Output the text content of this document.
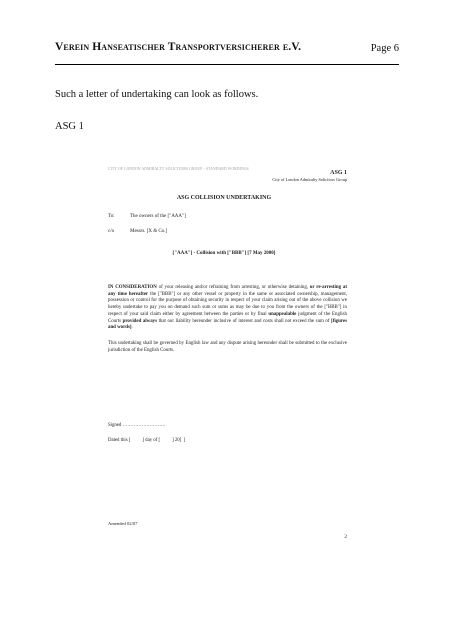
Verein Hanseatischer Transportversicherer e.V.	Page 6
Such a letter of undertaking can look as follows.
ASG 1
CITY OF LONDON ADMIRALTY SOLICITORS GROUP - STANDARD WORDINGS
ASG 1
City of London Admiralty Solicitors Group
ASG COLLISION UNDERTAKING
To:	The owners of the ["AAA"]
c/o	Messrs. [X & Co.]
["AAA"] - Collision with ["BBB"] [7 May 2000]
IN CONSIDERATION of your releasing and/or refraining from arresting, or otherwise detaining, or re-arresting at any time hereafter the ["BBB"] or any other vessel or property in the same or associated ownership, management, possession or control for the purpose of obtaining security in respect of your claim arising out of the above collision we hereby undertake to pay you on demand such sum or sums as may be due to you from the owners of the ["BBB"] in respect of your said claim either by agreement between the parties or by final unappealable judgment of the English Courts provided always that our liability hereunder inclusive of interest and costs shall not exceed the sum of [figures and words].
This undertaking shall be governed by English law and any dispute arising hereunder shall be submitted to the exclusive jurisdiction of the English Courts.
Signed ………………………
Dated this [          ] day of [          ] 20[  ]
Amended 02/07
2
